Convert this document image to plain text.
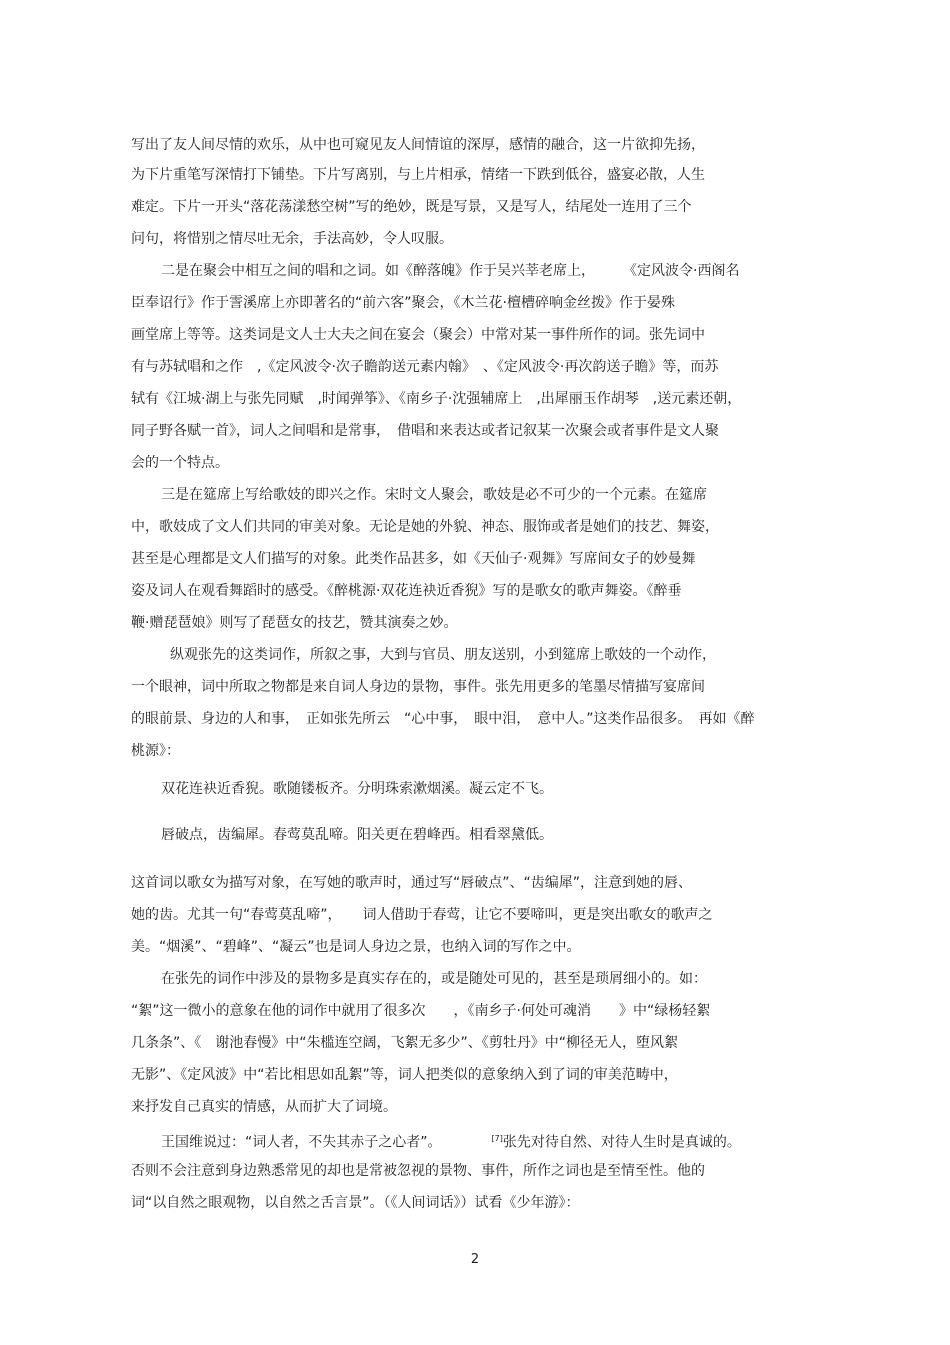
写出了友人间尽情的欢乐，从中也可窥见友人间情谊的深厚，感情的融合，这一片欲抑先扬，

为下片重笔写深情打下铺垫。下片写离别，与上片相承，情绪一下跌到低谷，盛宴必散，人生

难定。下片一开头“落花荡漾愁空树”写的绝妙，既是写景，又是写人，结尾处一连用了三个

问句，将惜别之情尽吐无余，手法高妙，令人叹服。

二是在聚会中相互之间的唱和之词。如《醉落魄》作于吴兴莘老席上，　　　《定风波令·西阁名

臣奉诏行》作于霅溪席上亦即著名的“前六客”聚会，《木兰花·檀槽碎响金丝拨》作于晏殊

画堂席上等等。这类词是文人士大夫之间在宴会（聚会）中常对某一事件所作的词。张先词中

有与苏轼唱和之作　,《定风波令·次子瞻韵送元素内翰》　、《定风波令·再次韵送子瞻》等，而苏

轼有《江城·湖上与张先同赋　,时闻弹筝》、《南乡子·沈强辅席上　,出犀丽玉作胡琴　,送元素还朝，

同子野各赋一首》，词人之间唱和是常事，　借唱和来表达或者记叙某一次聚会或者事件是文人聚

会的一个特点。

三是在筵席上写给歌妓的即兴之作。宋时文人聚会，歌妓是必不可少的一个元素。在筵席

中，歌妓成了文人们共同的审美对象。无论是她的外貌、神态、服饰或者是她们的技艺、舞姿，

甚至是心理都是文人们描写的对象。此类作品甚多，如《天仙子·观舞》写席间女子的妙曼舞

姿及词人在观看舞蹈时的感受。《醉桃源·双花连袂近香猊》写的是歌女的歌声舞姿。《醉垂

鞭·赠琵琶娘》则写了琵琶女的技艺，赞其演奏之妙。

纵观张先的这类词作，所叙之事，大到与官员、朋友送别，小到筵席上歌妓的一个动作，

一个眼神，词中所取之物都是来自词人身边的景物，事件。张先用更多的笔墨尽情描写宴席间

的眼前景、身边的人和事，　正如张先所云　“心中事，　眼中泪，　意中人。”这类作品很多。　再如《醉

桃源》：

双花连袂近香猊。歌随镂板齐。分明珠索漱烟溪。凝云定不飞。

唇破点，齿编犀。春莺莫乱啼。阳关更在碧峰西。相看翠黛低。

这首词以歌女为描写对象，在写她的歌声时，通过写“唇破点”、“齿编犀”，注意到她的唇、

她的齿。尤其一句“春莺莫乱啼”，　　词人借助于春莺，让它不要啼叫，更是突出歌女的歌声之

美。“烟溪”、“碧峰”、“凝云”也是词人身边之景，也纳入词的写作之中。

在张先的词作中涉及的景物多是真实存在的，或是随处可见的，甚至是琐屑细小的。如：

“絮”这一微小的意象在他的词作中就用了很多次　　，《南乡子·何处可魂消　　》中“绿杨轻絮

几条条”、《　谢池春慢》中“朱槛连空阔，飞絮无多少”、《剪牡丹》中“柳径无人，堕风絮

无影”、《定风波》中“若比相思如乱絮”等，词人把类似的意象纳入到了词的审美范畴中，

来抒发自己真实的情感，从而扩大了词境。

王国维说过：“词人者，不失其赤子之心者”。	[7]张先对待自然、对待人生时是真诚的。

否则不会注意到身边熟悉常见的却也是常被忽视的景物、事件，所作之词也是至情至性。他的

词“以自然之眼观物，以自然之舌言景”。（《人间词话》）试看《少年游》：

2
